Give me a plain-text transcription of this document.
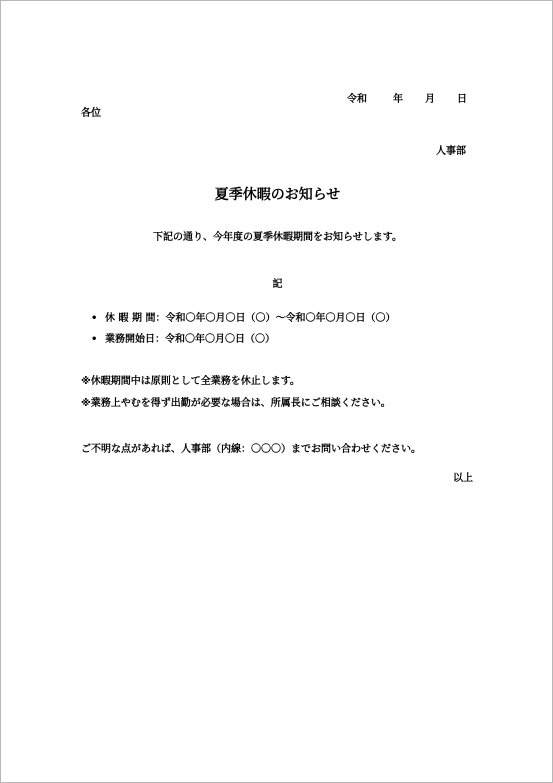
令和	年 月 日
各位
人事部
夏季休暇のお知らせ
下記の通り、今年度の夏季休暇期間をお知らせします。
記
• 休 暇 期 間：令和〇年〇月〇日（〇）～令和〇年〇月〇日（〇）
• 業務開始日：令和〇年〇月〇日（〇）
※休暇期間中は原則として全業務を休止します。
※業務上やむを得ず出勤が必要な場合は、所属長にご相談ください。
ご不明な点があれば、人事部（内線：〇〇〇）までお問い合わせください。
以上
